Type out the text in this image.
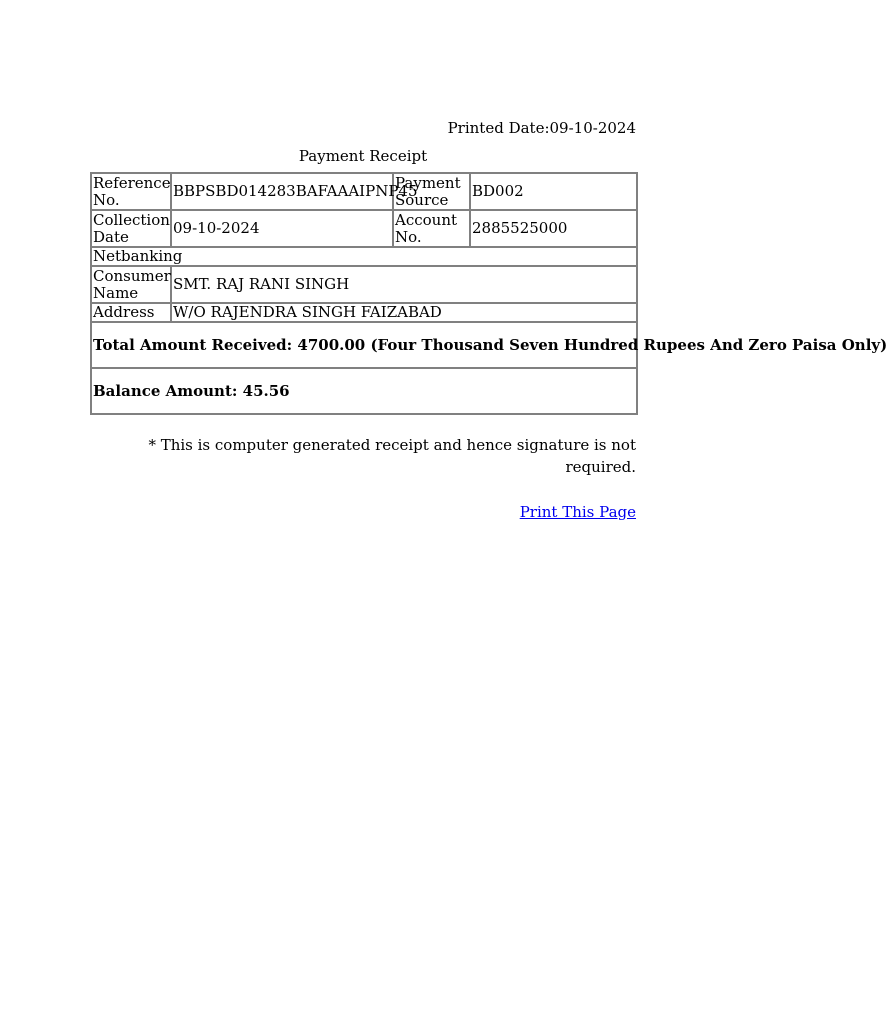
Printed Date:09-10-2024
Payment Receipt
Reference No.	BBPSBD014283BAFAAAIPNP45	Payment Source	BD002
Collection Date	09-10-2024	Account No.	2885525000
Netbanking			
Consumer Name	SMT. RAJ RANI SINGH		
Address	W/O RAJENDRA SINGH FAIZABAD		
Total Amount Received: 4700.00 (Four Thousand Seven Hundred Rupees And Zero Paisa Only)			
Balance Amount: 45.56			
* This is computer generated receipt and hence signature is not required.
Print This Page
